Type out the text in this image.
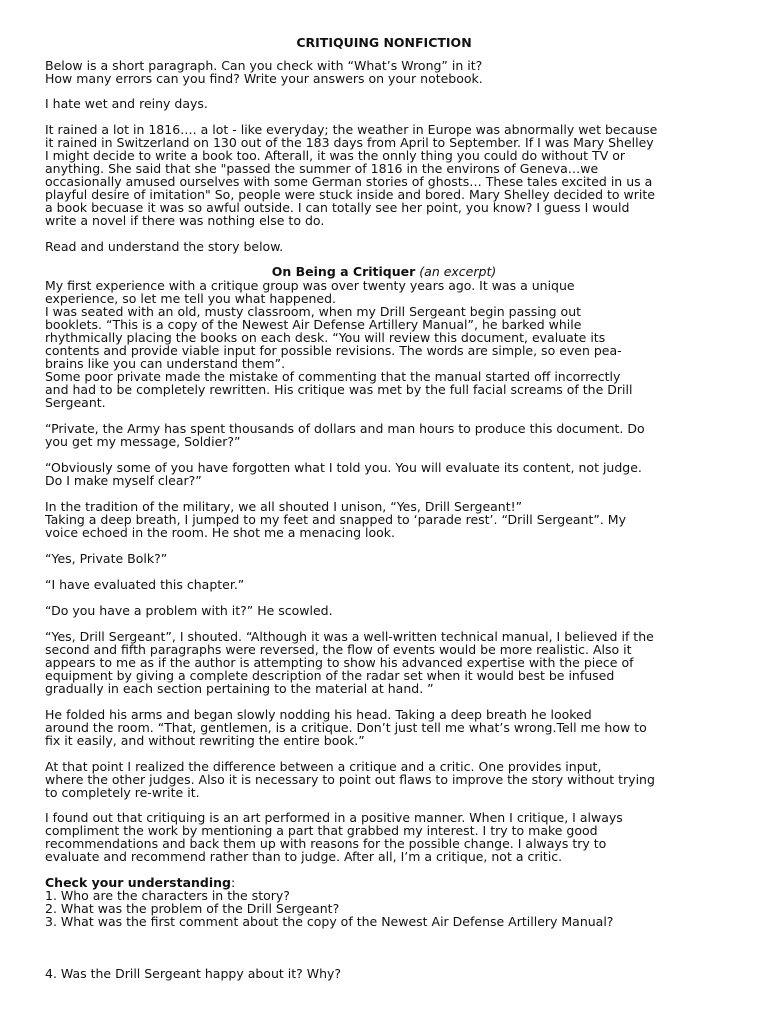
CRITIQUING NONFICTION

Below is a short paragraph. Can you check with “What’s Wrong” in it?
How many errors can you find? Write your answers on your notebook.

I hate wet and reiny days.

It rained a lot in 1816…. a lot - like everyday; the weather in Europe was abnormally wet because
it rained in Switzerland on 130 out of the 183 days from April to September. If I was Mary Shelley
I might decide to write a book too. Afterall, it was the onnly thing you could do without TV or
anything. She said that she "passed the summer of 1816 in the environs of Geneva…we
occasionally amused ourselves with some German stories of ghosts… These tales excited in us a
playful desire of imitation" So, people were stuck inside and bored. Mary Shelley decided to write
a book becuase it was so awful outside. I can totally see her point, you know? I guess I would
write a novel if there was nothing else to do.

Read and understand the story below.

On Being a Critiquer (an excerpt)

My first experience with a critique group was over twenty years ago. It was a unique
experience, so let me tell you what happened.
I was seated with an old, musty classroom, when my Drill Sergeant begin passing out
booklets. “This is a copy of the Newest Air Defense Artillery Manual”, he barked while
rhythmically placing the books on each desk. “You will review this document, evaluate its
contents and provide viable input for possible revisions. The words are simple, so even pea-
brains like you can understand them”.
Some poor private made the mistake of commenting that the manual started off incorrectly
and had to be completely rewritten. His critique was met by the full facial screams of the Drill
Sergeant.

“Private, the Army has spent thousands of dollars and man hours to produce this document. Do
you get my message, Soldier?”

“Obviously some of you have forgotten what I told you. You will evaluate its content, not judge.
Do I make myself clear?”

In the tradition of the military, we all shouted I unison, “Yes, Drill Sergeant!”
Taking a deep breath, I jumped to my feet and snapped to ‘parade rest’. “Drill Sergeant”. My
voice echoed in the room. He shot me a menacing look.

“Yes, Private Bolk?”

“I have evaluated this chapter.”

“Do you have a problem with it?” He scowled.

“Yes, Drill Sergeant”, I shouted. “Although it was a well-written technical manual, I believed if the
second and fifth paragraphs were reversed, the flow of events would be more realistic. Also it
appears to me as if the author is attempting to show his advanced expertise with the piece of
equipment by giving a complete description of the radar set when it would best be infused
gradually in each section pertaining to the material at hand. ”

He folded his arms and began slowly nodding his head. Taking a deep breath he looked
around the room. “That, gentlemen, is a critique. Don’t just tell me what’s wrong.Tell me how to
fix it easily, and without rewriting the entire book.”

At that point I realized the difference between a critique and a critic. One provides input,
where the other judges. Also it is necessary to point out flaws to improve the story without trying
to completely re-write it.

I found out that critiquing is an art performed in a positive manner. When I critique, I always
compliment the work by mentioning a part that grabbed my interest. I try to make good
recommendations and back them up with reasons for the possible change. I always try to
evaluate and recommend rather than to judge. After all, I’m a critique, not a critic.

Check your understanding:
1. Who are the characters in the story?
2. What was the problem of the Drill Sergeant?
3. What was the first comment about the copy of the Newest Air Defense Artillery Manual?
4. Was the Drill Sergeant happy about it? Why?
